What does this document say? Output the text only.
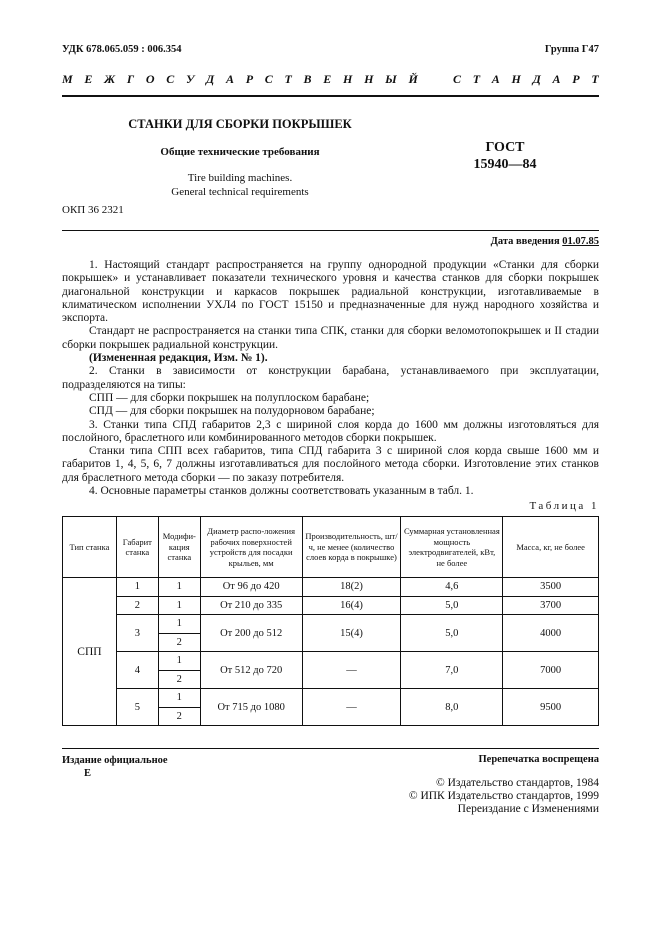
УДК 678.065.059 : 006.354	Группа Г47
М Е Ж Г О С У Д А Р С Т В Е Н Н Ы Й	С Т А Н Д А Р Т
СТАНКИ ДЛЯ СБОРКИ ПОКРЫШЕК
Общие технические требования
Tire building machines.
General technical requirements
ГОСТ
15940—84
ОКП 36 2321
Дата введения 01.07.85

1. Настоящий стандарт распространяется на группу однородной продукции «Станки для сборки покрышек» и устанавливает показатели технического уровня и качества станков для сборки покрышек диагональной конструкции и каркасов покрышек радиальной конструкции, изготавливаемые в климатическом исполнении УХЛ4 по ГОСТ 15150 и предназначенные для нужд народного хозяйства и экспорта.

Стандарт не распространяется на станки типа СПК, станки для сборки веломотопокрышек и II стадии сборки покрышек радиальной конструкции.

(Измененная редакция, Изм. № 1).

2. Станки в зависимости от конструкции барабана, устанавливаемого при эксплуатации, подразделяются на типы:

СПП — для сборки покрышек на полуплоском барабане;

СПД — для сборки покрышек на полудорновом барабане;

3. Станки типа СПД габаритов 2,3 с шириной слоя корда до 1600 мм должны изготовляться для послойного, браслетного или комбинированного методов сборки покрышек.

Станки типа СПП всех габаритов, типа СПД габарита 3 с шириной слоя корда свыше 1600 мм и габаритов 1, 4, 5, 6, 7 должны изготавливаться для послойного метода сборки. Изготовление этих станков для браслетного метода сборки — по заказу потребителя.

4. Основные параметры станков должны соответствовать указанным в табл. 1.

Таблица 1
Тип станка	Габарит станка	Модифи-кация станка	Диаметр распо-ложения рабочих поверхностей устройств для посадки крыльев, мм	Производительность, шт/ч, не менее (количество слоев корда в покрышке)	Суммарная установленная мощность электродвигателей, кВт, не более	Масса, кг, не более
СПП	1	1	От 96 до 420	18(2)	4,6	3500
	2	1	От 210 до 335	16(4)	5,0	3700
	3	1	От 200 до 512	15(4)	5,0	4000
		2				
	4	1	От 512 до 720	—	7,0	7000
		2				
	5	1	От 715 до 1080	—	8,0	9500
		2				
Издание официальное
E
Перепечатка воспрещена
© Издательство стандартов, 1984
© ИПК Издательство стандартов, 1999
Переиздание с Изменениями
